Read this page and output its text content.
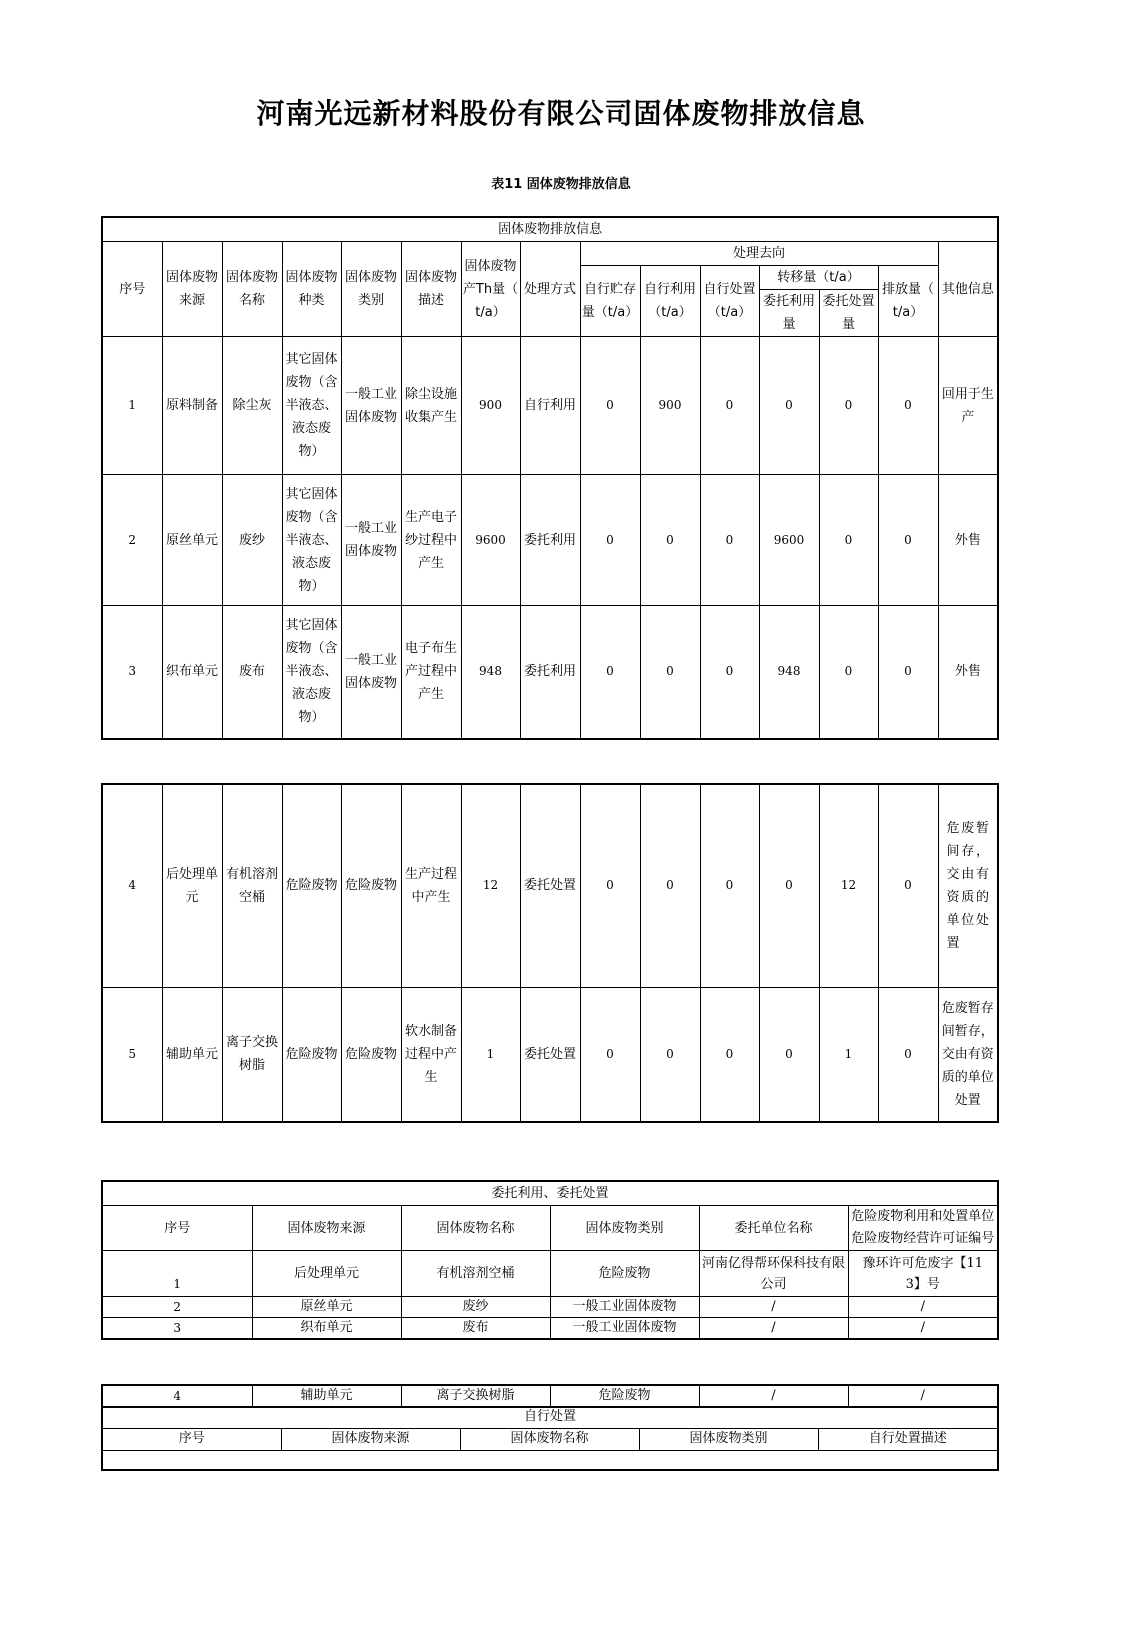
河南光远新材料股份有限公司固体废物排放信息
表11 固体废物排放信息
固体废物排放信息														
序号	固体废物来源	固体废物名称	固体废物种类	固体废物类别	固体废物描述	固体废物产Th量（ t/a）	处理方式	处理去向						其他信息
								自行贮存量（t/a）	自行利用（t/a）	自行处置（t/a）	转移量（t/a）		排放量（ t/a）	
											委托利用量	委托处置量		
1	原料制备	除尘灰	其它固体废物（含半液态、液态废物）	一般工业固体废物	除尘设施收集产生	900	自行利用	0	900	0	0	0	0	回用于生产
2	原丝单元	废纱	其它固体废物（含半液态、液态废物）	一般工业固体废物	生产电子纱过程中产生	9600	委托利用	0	0	0	9600	0	0	外售
3	织布单元	废布	其它固体废物（含半液态、液态废物）	一般工业固体废物	电子布生产过程中产生	948	委托利用	0	0	0	948	0	0	外售
4	后处理单元	有机溶剂空桶	危险废物	危险废物	生产过程中产生	12	委托处置	0	0	0	0	12	0	危废暂间存，交由有资质的单位处置
5	辅助单元	离子交换树脂	危险废物	危险废物	软水制备过程中产生	1	委托处置	0	0	0	0	1	0	危废暂存间暂存，交由有资质的单位处置
委托利用、委托处置					
序号	固体废物来源	固体废物名称	固体废物类别	委托单位名称	危险废物利用和处置单位
危险废物经营许可证编号

1	后处理单元	有机溶剂空桶	危险废物	河南亿得帮环保科技有限公司	豫环许可危废字【113】号
2	原丝单元	废纱	一般工业固体废物	/	/
3	织布单元	废布	一般工业固体废物	/	/
4	辅助单元	离子交换树脂	危险废物	/	/
自行处置
序号	固体废物来源	固体废物名称	固体废物类别	自行处置描述
